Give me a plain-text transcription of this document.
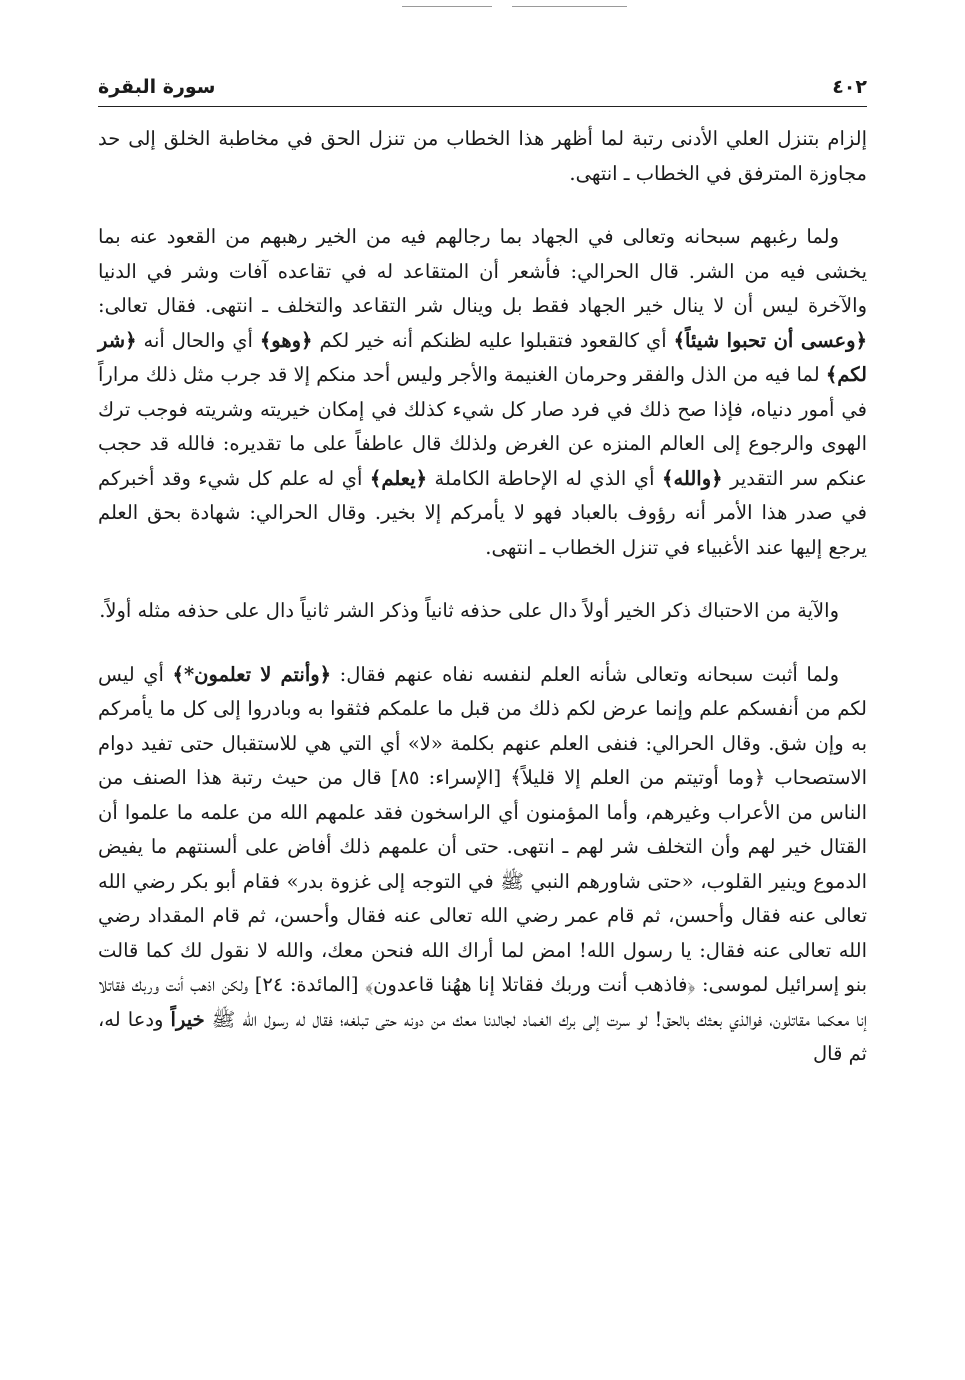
٤٠٢
سورة البقرة

إلزام بتنزل العلي الأدنى رتبة لما أظهر هذا الخطاب من تنزل الحق في مخاطبة الخلق إلى حد مجاوزة المترفق في الخطاب ـ انتهى.

ولما رغبهم سبحانه وتعالى في الجهاد بما رجالهم فيه من الخير رهبهم من القعود عنه بما يخشى فيه من الشر. قال الحرالي: فأشعر أن المتقاعد له في تقاعده آفات وشر في الدنيا والآخرة ليس أن لا ينال خير الجهاد فقط بل وينال شر التقاعد والتخلف ـ انتهى. فقال تعالى: ﴿وعسى أن تحبوا شيئاً﴾ أي كالقعود فتقبلوا عليه لظنكم أنه خير لكم ﴿وهو﴾ أي والحال أنه ﴿شر لكم﴾ لما فيه من الذل والفقر وحرمان الغنيمة والأجر وليس أحد منكم إلا قد جرب مثل ذلك مراراً في أمور دنياه، فإذا صح ذلك في فرد صار كل شيء كذلك في إمكان خيريته وشريته فوجب ترك الهوى والرجوع إلى العالم المنزه عن الغرض ولذلك قال عاطفاً على ما تقديره: فالله قد حجب عنكم سر التقدير ﴿والله﴾ أي الذي له الإحاطة الكاملة ﴿يعلم﴾ أي له علم كل شيء وقد أخبركم في صدر هذا الأمر أنه رؤوف بالعباد فهو لا يأمركم إلا بخير. وقال الحرالي: شهادة بحق العلم يرجع إليها عند الأغبياء في تنزل الخطاب ـ انتهى.

والآية من الاحتباك ذكر الخير أولاً دال على حذفه ثانياً وذكر الشر ثانياً دال على حذفه مثله أولاً.

ولما أثبت سبحانه وتعالى شأنه العلم لنفسه نفاه عنهم فقال: ﴿وأنتم لا تعلمون*﴾ أي ليس لكم من أنفسكم علم وإنما عرض لكم ذلك من قبل ما علمكم فثقوا به وبادروا إلى كل ما يأمركم به وإن شق. وقال الحرالي: فنفى العلم عنهم بكلمة «لا» أي التي هي للاستقبال حتى تفيد دوام الاستصحاب ﴿وما أوتيتم من العلم إلا قليلاً﴾ [الإسراء: ٨٥] قال من حيث رتبة هذا الصنف من الناس من الأعراب وغيرهم، وأما المؤمنون أي الراسخون فقد علمهم الله من علمه ما علموا أن القتال خير لهم وأن التخلف شر لهم ـ انتهى. حتى أن علمهم ذلك أفاض على ألسنتهم ما يفيض الدموع وينير القلوب، «حتى شاورهم النبي ﷺ في التوجه إلى غزوة بدر» فقام أبو بكر رضي الله تعالى عنه فقال وأحسن، ثم قام عمر رضي الله تعالى عنه فقال وأحسن، ثم قام المقداد رضي الله تعالى عنه فقال: يا رسول الله! امض لما أراك الله فنحن معك، والله لا نقول لك كما قالت بنو إسرائيل لموسى: ﴿فاذهب أنت وربك فقاتلا إنا ههُنا قاعدون﴾ [المائدة: ٢٤] ولكن اذهب أنت وربك فقاتلا إنا معكما مقاتلون، فوالذي بعثك بالحق! لو سرت إلى برك الغماد لجالدنا معك من دونه حتى تبلغه؛ فقال له رسول الله ﷺ خيراً ودعا له، ثم قال
